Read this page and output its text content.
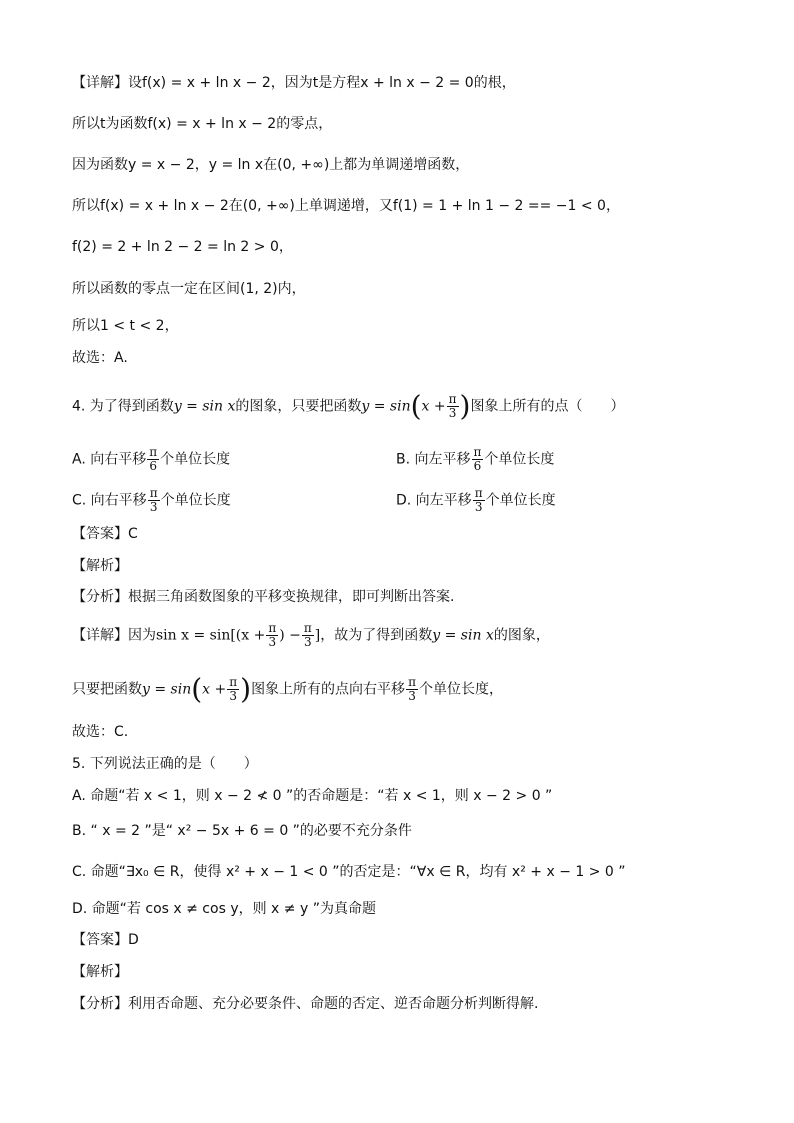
【详解】设f(x) = x + ln x − 2，因为t是方程x + ln x − 2 = 0的根，
所以t为函数f(x) = x + ln x − 2的零点，
因为函数y = x − 2，y = ln x在(0, +∞)上都为单调递增函数，
所以f(x) = x + ln x − 2在(0, +∞)上单调递增，又f(1) = 1 + ln 1 − 2 == −1 < 0，
f(2) = 2 + ln 2 − 2 = ln 2 > 0，
所以函数的零点一定在区间(1, 2)内，
所以1 < t < 2，
故选：A.
4. 为了得到函数y = sin x的图象，只要把函数$y = \sin(x + \frac{\pi}{3}$ )图象上所有的点（　　）
A. 向右平移 $\frac{\pi}{6}$ 个单位长度	B. 向左平移 $\frac{\pi}{6}$ 个单位长度
C. 向右平移 $\frac{\pi}{3}$ 个单位长度	D. 向左平移 $\frac{\pi}{3}$ 个单位长度
【答案】C
【解析】
【分析】根据三角函数图象的平移变换规律，即可判断出答案.
【详解】因为$\sin x = \sin[(x + \frac{\pi}{3}$ ) − $\frac{\pi}{3}$ ]，故为了得到函数y = sin x的图象，
只要把函数$y = \sin(x + \frac{\pi}{3}$ )图象上所有的点向右平移 $\frac{\pi}{3}$ 个单位长度，
故选：C.
5. 下列说法正确的是（　　）
A. 命题“若 x < 1，则 x − 2 ≮ 0 ”的否命题是：“若 x < 1，则 x − 2 > 0 ”
B. “ x = 2 ”是“ x² − 5x + 6 = 0 ”的必要不充分条件
C. 命题“∃x₀ ∈ R，使得 x² + x − 1 < 0 ”的否定是：“∀x ∈ R，均有 x² + x − 1 > 0 ”
D. 命题“若 cos x ≠ cos y，则 x ≠ y ”为真命题
【答案】D
【解析】
【分析】利用否命题、充分必要条件、命题的否定、逆否命题分析判断得解.
